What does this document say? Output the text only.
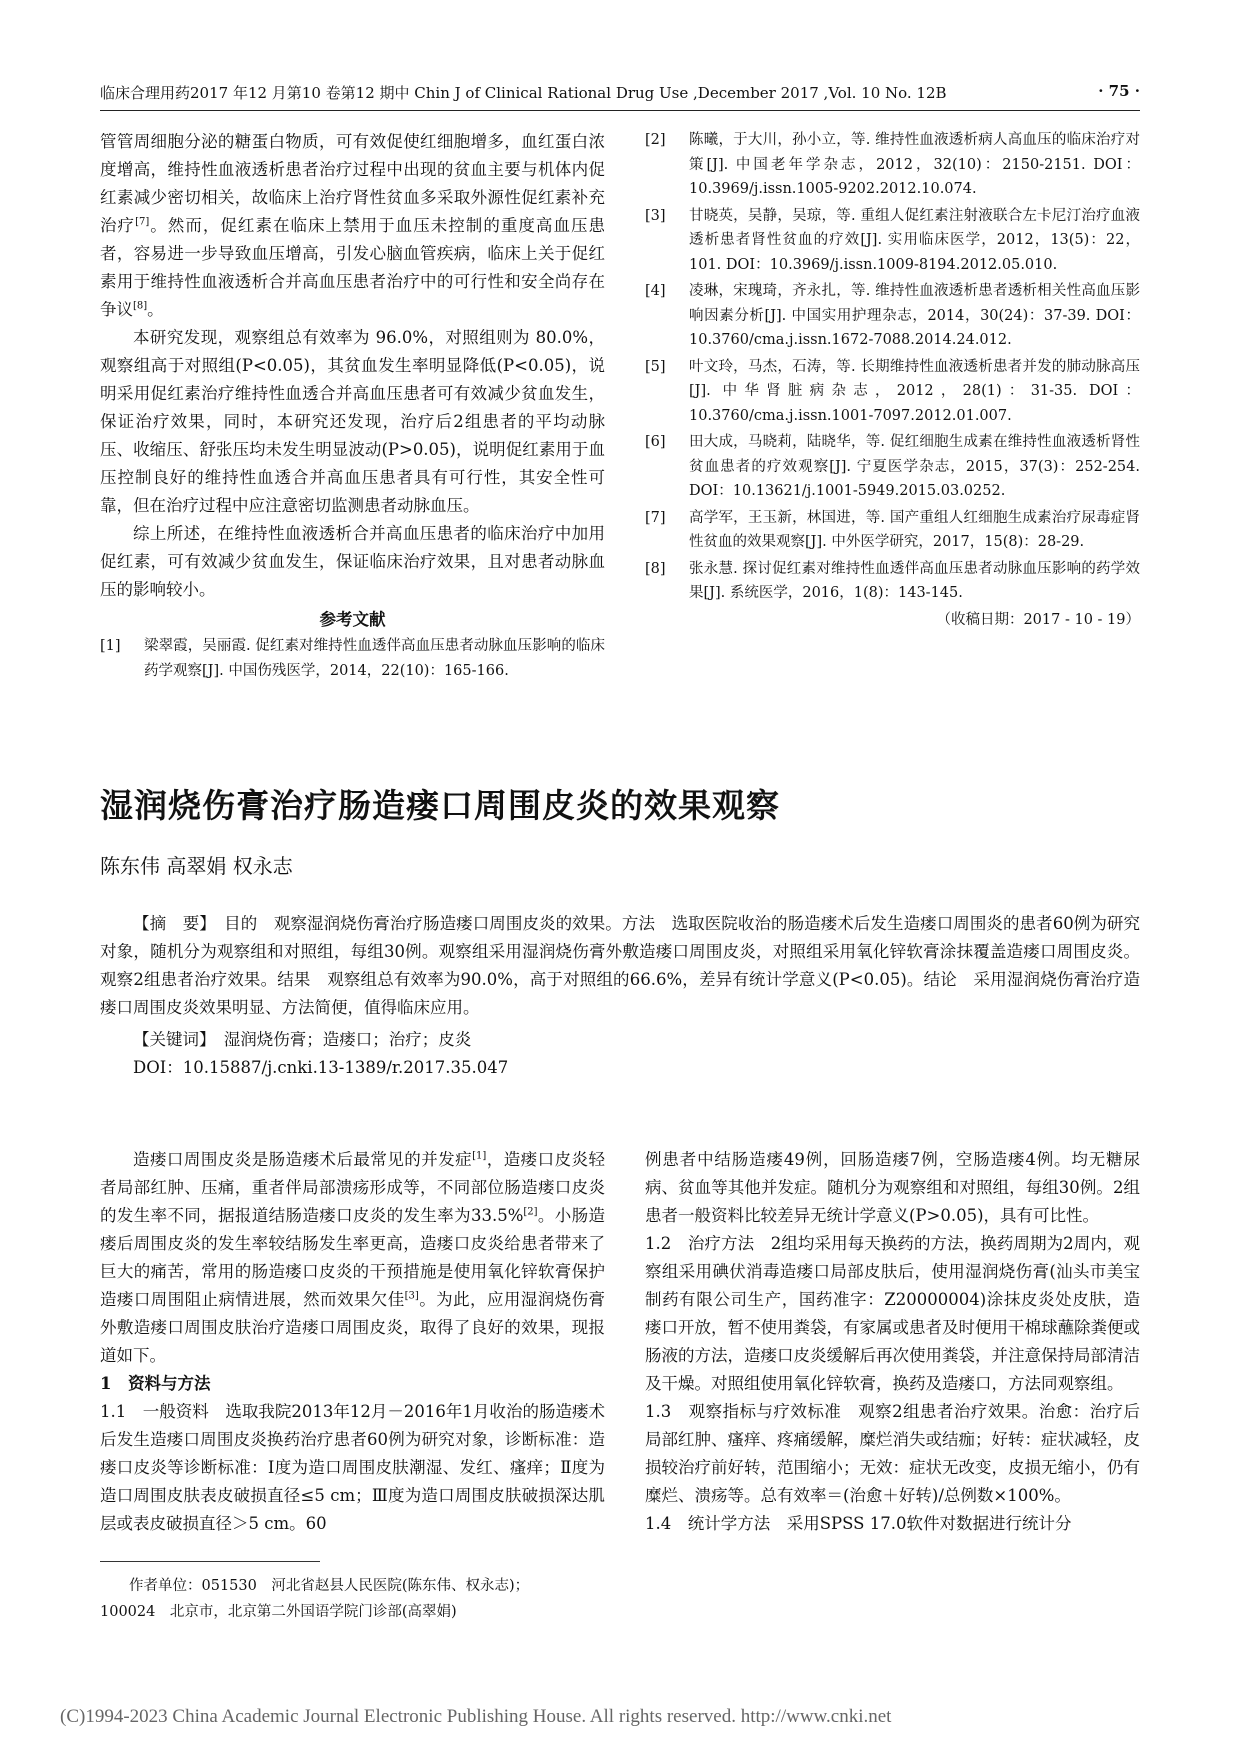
临床合理用药2017 年12 月第10 卷第12 期中 Chin J of Clinical Rational Drug Use ,December 2017 ,Vol. 10 No. 12B	· 75 ·

管管周细胞分泌的糖蛋白物质，可有效促使红细胞增多，血红蛋白浓度增高，维持性血液透析患者治疗过程中出现的贫血主要与机体内促红素减少密切相关，故临床上治疗肾性贫血多采取外源性促红素补充治疗[7]。然而，促红素在临床上禁用于血压未控制的重度高血压患者，容易进一步导致血压增高，引发心脑血管疾病，临床上关于促红素用于维持性血液透析合并高血压患者治疗中的可行性和安全尚存在争议[8]。

本研究发现，观察组总有效率为 96.0%，对照组则为 80.0%，观察组高于对照组(P<0.05)，其贫血发生率明显降低(P<0.05)，说明采用促红素治疗维持性血透合并高血压患者可有效减少贫血发生，保证治疗效果，同时，本研究还发现，治疗后2组患者的平均动脉压、收缩压、舒张压均未发生明显波动(P>0.05)，说明促红素用于血压控制良好的维持性血透合并高血压患者具有可行性，其安全性可靠，但在治疗过程中应注意密切监测患者动脉血压。

综上所述，在维持性血液透析合并高血压患者的临床治疗中加用促红素，可有效减少贫血发生，保证临床治疗效果，且对患者动脉血压的影响较小。

参考文献

[1] 梁翠霞，吴丽霞. 促红素对维持性血透伴高血压患者动脉血压影响的临床药学观察[J]. 中国伤残医学，2014，22(10)：165-166.

[2] 陈曦，于大川，孙小立，等. 维持性血液透析病人高血压的临床治疗对策[J]. 中国老年学杂志，2012，32(10)：2150-2151. DOI：10.3969/j.issn.1005-9202.2012.10.074.

[3] 甘晓英，吴静，吴琼，等. 重组人促红素注射液联合左卡尼汀治疗血液透析患者肾性贫血的疗效[J]. 实用临床医学，2012，13(5)：22，101. DOI：10.3969/j.issn.1009-8194.2012.05.010.

[4] 凌琳，宋瑰琦，齐永扎，等. 维持性血液透析患者透析相关性高血压影响因素分析[J]. 中国实用护理杂志，2014，30(24)：37-39. DOI：10.3760/cma.j.issn.1672-7088.2014.24.012.

[5] 叶文玲，马杰，石涛，等. 长期维持性血液透析患者并发的肺动脉高压[J]. 中华肾脏病杂志，2012，28(1)：31-35. DOI：10.3760/cma.j.issn.1001-7097.2012.01.007.

[6] 田大成，马晓莉，陆晓华，等. 促红细胞生成素在维持性血液透析肾性贫血患者的疗效观察[J]. 宁夏医学杂志，2015，37(3)：252-254. DOI：10.13621/j.1001-5949.2015.03.0252.

[7] 高学军，王玉新，林国进，等. 国产重组人红细胞生成素治疗尿毒症肾性贫血的效果观察[J]. 中外医学研究，2017，15(8)：28-29.

[8] 张永慧. 探讨促红素对维持性血透伴高血压患者动脉血压影响的药学效果[J]. 系统医学，2016，1(8)：143-145.

（收稿日期：2017 - 10 - 19）
湿润烧伤膏治疗肠造瘘口周围皮炎的效果观察
陈东伟 高翠娟 权永志

【摘　要】　目的　观察湿润烧伤膏治疗肠造瘘口周围皮炎的效果。方法　选取医院收治的肠造瘘术后发生造瘘口周围炎的患者60例为研究对象，随机分为观察组和对照组，每组30例。观察组采用湿润烧伤膏外敷造瘘口周围皮炎，对照组采用氧化锌软膏涂抹覆盖造瘘口周围皮炎。观察2组患者治疗效果。结果　观察组总有效率为90.0%，高于对照组的66.6%，差异有统计学意义(P<0.05)。结论　采用湿润烧伤膏治疗造瘘口周围皮炎效果明显、方法简便，值得临床应用。

【关键词】　湿润烧伤膏；造瘘口；治疗；皮炎

DOI：10.15887/j.cnki.13-1389/r.2017.35.047

造瘘口周围皮炎是肠造瘘术后最常见的并发症[1]，造瘘口皮炎轻者局部红肿、压痛，重者伴局部溃疡形成等，不同部位肠造瘘口皮炎的发生率不同，据报道结肠造瘘口皮炎的发生率为33.5%[2]。小肠造瘘后周围皮炎的发生率较结肠发生率更高，造瘘口皮炎给患者带来了巨大的痛苦，常用的肠造瘘口皮炎的干预措施是使用氧化锌软膏保护造瘘口周围阻止病情进展，然而效果欠佳[3]。为此，应用湿润烧伤膏外敷造瘘口周围皮肤治疗造瘘口周围皮炎，取得了良好的效果，现报道如下。

1　资料与方法

1.1　一般资料　选取我院2013年12月－2016年1月收治的肠造瘘术后发生造瘘口周围皮炎换药治疗患者60例为研究对象，诊断标准：造瘘口皮炎等诊断标准：Ⅰ度为造口周围皮肤潮湿、发红、瘙痒；Ⅱ度为造口周围皮肤表皮破损直径≤5 cm；Ⅲ度为造口周围皮肤破损深达肌层或表皮破损直径＞5 cm。60

例患者中结肠造瘘49例，回肠造瘘7例，空肠造瘘4例。均无糖尿病、贫血等其他并发症。随机分为观察组和对照组，每组30例。2组患者一般资料比较差异无统计学意义(P>0.05)，具有可比性。

1.2　治疗方法　2组均采用每天换药的方法，换药周期为2周内，观察组采用碘伏消毒造瘘口局部皮肤后，使用湿润烧伤膏(汕头市美宝制药有限公司生产，国药准字：Z20000004)涂抹皮炎处皮肤，造瘘口开放，暂不使用粪袋，有家属或患者及时便用干棉球蘸除粪便或肠液的方法，造瘘口皮炎缓解后再次使用粪袋，并注意保持局部清洁及干燥。对照组使用氧化锌软膏，换药及造瘘口，方法同观察组。

1.3　观察指标与疗效标准　观察2组患者治疗效果。治愈：治疗后局部红肿、瘙痒、疼痛缓解，糜烂消失或结痂；好转：症状减轻，皮损较治疗前好转，范围缩小；无效：症状无改变，皮损无缩小，仍有糜烂、溃疡等。总有效率＝(治愈＋好转)/总例数×100%。

1.4　统计学方法　采用SPSS 17.0软件对数据进行统计分

作者单位：051530　河北省赵县人民医院(陈东伟、权永志)；

100024　北京市，北京第二外国语学院门诊部(高翠娟)

(C)1994-2023 China Academic Journal Electronic Publishing House. All rights reserved. http://www.cnki.net
